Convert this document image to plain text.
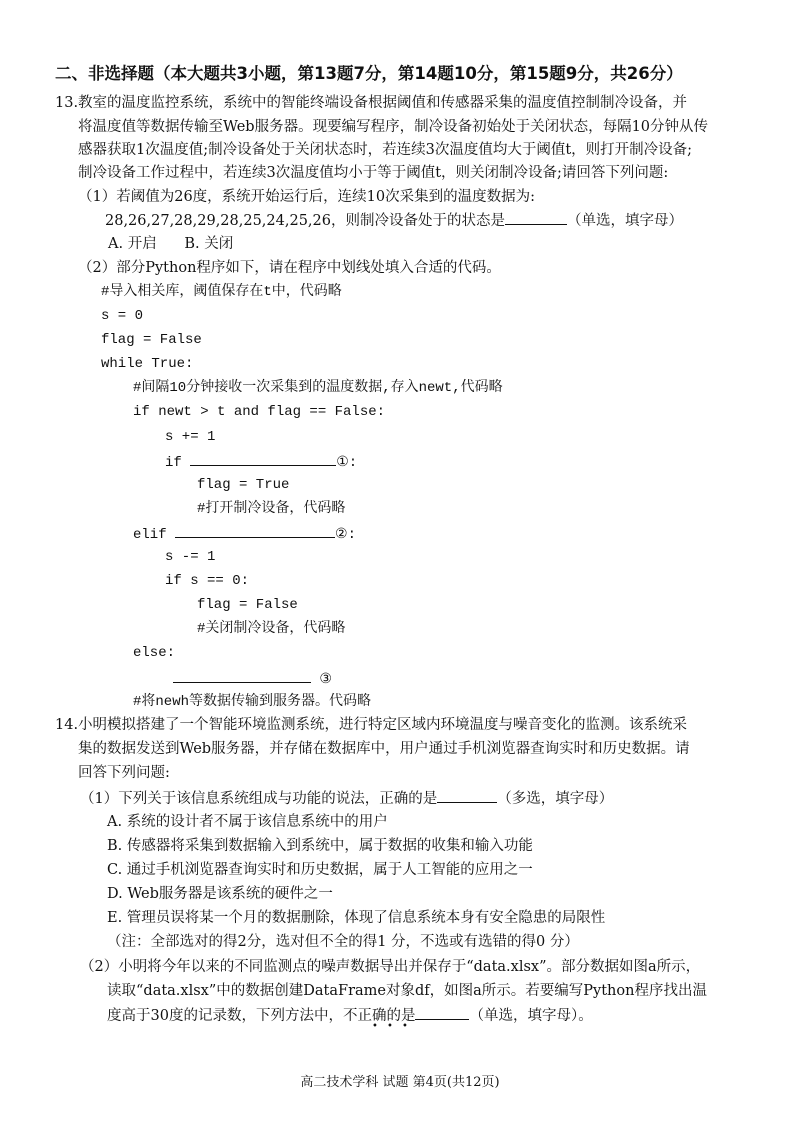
二、非选择题（本大题共3小题，第13题7分，第14题10分，第15题9分，共26分）
13.教室的温度监控系统，系统中的智能终端设备根据阈值和传感器采集的温度值控制制冷设备，并
将温度值等数据传输至Web服务器。现要编写程序，制冷设备初始处于关闭状态，每隔10分钟从传
感器获取1次温度值;制冷设备处于关闭状态时，若连续3次温度值均大于阈值t，则打开制冷设备;
制冷设备工作过程中，若连续3次温度值均小于等于阈值t，则关闭制冷设备;请回答下列问题:
（1）若阈值为26度，系统开始运行后，连续10次采集到的温度数据为:
28,26,27,28,29,28,25,24,25,26，则制冷设备处于的状态是	（单选，填字母）
A. 开启      B. 关闭
（2）部分Python程序如下，请在程序中划线处填入合适的代码。
#导入相关库，阈值保存在t中，代码略
s = 0
flag = False
while True:
#间隔10分钟接收一次采集到的温度数据,存入newt,代码略
if newt > t and flag == False:
s += 1
if	①:
flag = True
#打开制冷设备，代码略
elif	②:
s -= 1
if s == 0:
flag = False
#关闭制冷设备，代码略
else:
③
#将newh等数据传输到服务器。代码略
14.小明模拟搭建了一个智能环境监测系统，进行特定区域内环境温度与噪音变化的监测。该系统采
集的数据发送到Web服务器，并存储在数据库中，用户通过手机浏览器查询实时和历史数据。请
回答下列问题:
（1）下列关于该信息系统组成与功能的说法，正确的是	（多选，填字母）
A. 系统的设计者不属于该信息系统中的用户
B. 传感器将采集到数据输入到系统中，属于数据的收集和输入功能
C. 通过手机浏览器查询实时和历史数据，属于人工智能的应用之一
D. Web服务器是该系统的硬件之一
E. 管理员误将某一个月的数据删除，体现了信息系统本身有安全隐患的局限性
（注：全部选对的得2分，选对但不全的得1 分，不选或有选错的得0 分）
（2）小明将今年以来的不同监测点的噪声数据导出并保存于“data.xlsx”。部分数据如图a所示，
读取“data.xlsx”中的数据创建DataFrame对象df，如图a所示。若要编写Python程序找出温
度高于30度的记录数，下列方法中，不正确的是	（单选，填字母）。
• • •
高二技术学科 试题 第4页(共12页)
